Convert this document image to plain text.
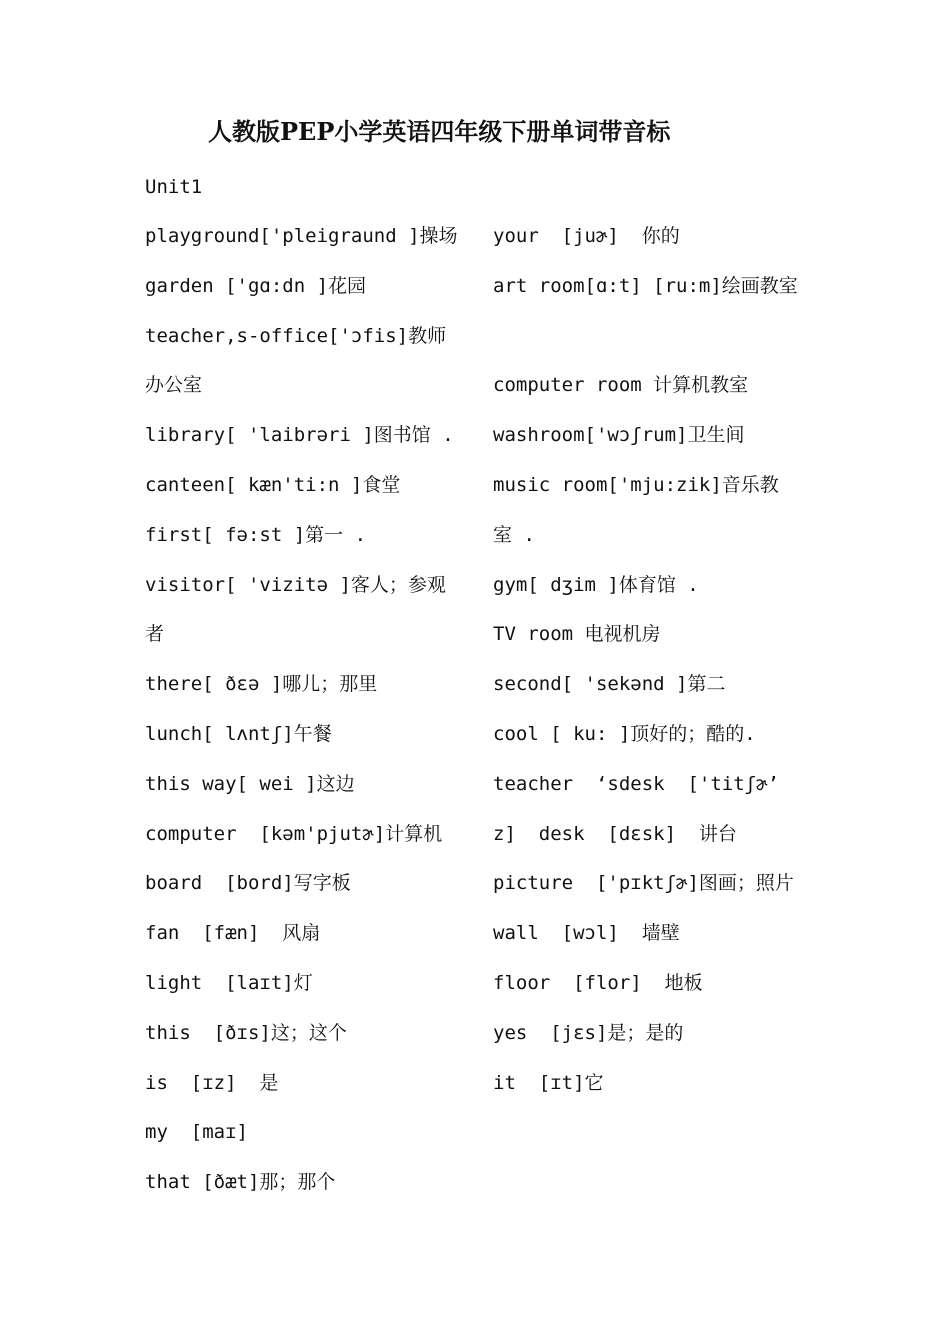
人教版PEP小学英语四年级下册单词带音标
Unit1
playground['pleigraund ]操场
garden ['gɑ:dn ]花园
teacher,s-office['ɔfis]教师
办公室
library[ 'laibrəri ]图书馆 .
canteen[ kæn'ti:n ]食堂
first[ fə:st ]第一 .
visitor[ 'vizitə ]客人；参观
者
there[ ðɛə ]哪儿；那里
lunch[ lʌntʃ]午餐
this way[ wei ]这边
computer  [kəm'pjutɚ]计算机
board  [bord]写字板
fan  [fæn]  风扇
light  [laɪt]灯
this  [ðɪs]这；这个
is  [ɪz]  是
my  [maɪ]
that [ðæt]那；那个
your  [juɚ]  你的
art room[ɑ:t] [ru:m]绘画教室
computer room 计算机教室
washroom['wɔʃrum]卫生间
music room['mju:zik]音乐教
室 .
gym[ dʒim ]体育馆 .
TV room 电视机房
second[ 'sekənd ]第二
cool [ ku: ]顶好的；酷的.
teacher  ‘sdesk  ['titʃɚ’
z]  desk  [dɛsk]  讲台
picture  ['pɪktʃɚ]图画；照片
wall  [wɔl]  墙壁
floor  [flor]  地板
yes  [jɛs]是；是的
it  [ɪt]它
